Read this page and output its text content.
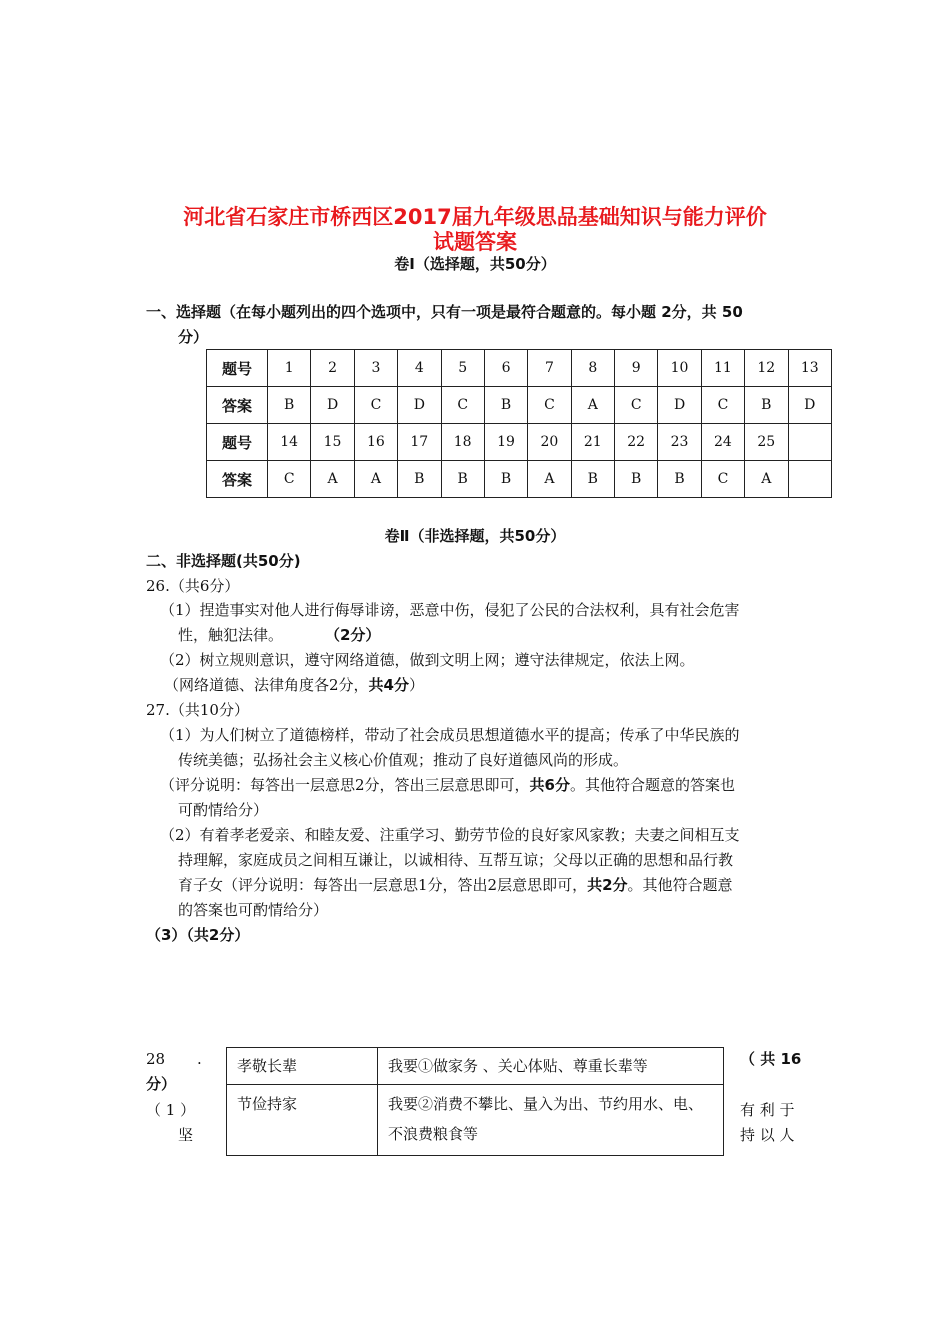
河北省石家庄市桥西区2017届九年级思品基础知识与能力评价
试题答案
卷Ⅰ（选择题，共50分）
一、选择题（在每小题列出的四个选项中，只有一项是最符合题意的。每小题 2分，共 50
分）
题号	1	2	3	4	5	6	7	8	9	10	11	12	13
答案	B	D	C	D	C	B	C	A	C	D	C	B	D
题号	14	15	16	17	18	19	20	21	22	23	24	25	
答案	C	A	A	B	B	B	A	B	B	B	C	A	
卷Ⅱ（非选择题，共50分）
二、非选择题(共50分)
26.（共6分）
（1）捏造事实对他人进行侮辱诽谤，恶意中伤，侵犯了公民的合法权利，具有社会危害
性，触犯法律。	（2分）
（2）树立规则意识，遵守网络道德，做到文明上网；遵守法律规定，依法上网。
（网络道德、法律角度各2分，共4分）
27.（共10分）
（1）为人们树立了道德榜样，带动了社会成员思想道德水平的提高；传承了中华民族的
传统美德；弘扬社会主义核心价值观；推动了良好道德风尚的形成。
（评分说明：每答出一层意思2分，答出三层意思即可，共6分。其他符合题意的答案也
可酌情给分）
（2）有着孝老爱亲、和睦友爱、注重学习、勤劳节俭的良好家风家教；夫妻之间相互支
持理解，家庭成员之间相互谦让，以诚相待、互帮互谅；父母以正确的思想和品行教
育子女（评分说明：每答出一层意思1分，答出2层意思即可，共2分。其他符合题意
的答案也可酌情给分）
（3）（共2分）
28 .
分）
（ 1 ）
坚
（ 共 16
有 利 于
持 以 人
孝敬长辈	我要①做家务 、关心体贴、尊重长辈等
节俭持家	我要②消费不攀比、量入为出、节约用水、电、不浪费粮食等
